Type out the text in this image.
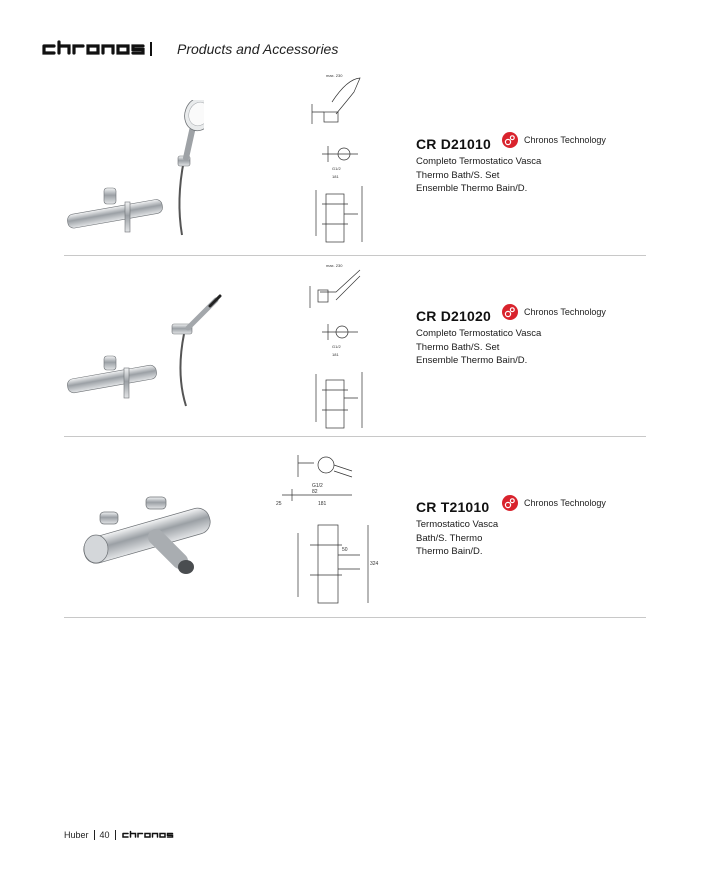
Products and Accessories
max. 230
G1/2
181
CR D21010	Chronos Technology
Completo Termostatico Vasca
Thermo Bath/S. Set
Ensemble Thermo Bain/D.
max. 230
G1/2
181
CR D21020	Chronos Technology
Completo Termostatico Vasca
Thermo Bath/S. Set
Ensemble Thermo Bain/D.
G1/2
82
25	181
50
324
CR T21010	Chronos Technology
Termostatico Vasca
Bath/S. Thermo
Thermo Bain/D.
Huber 40
